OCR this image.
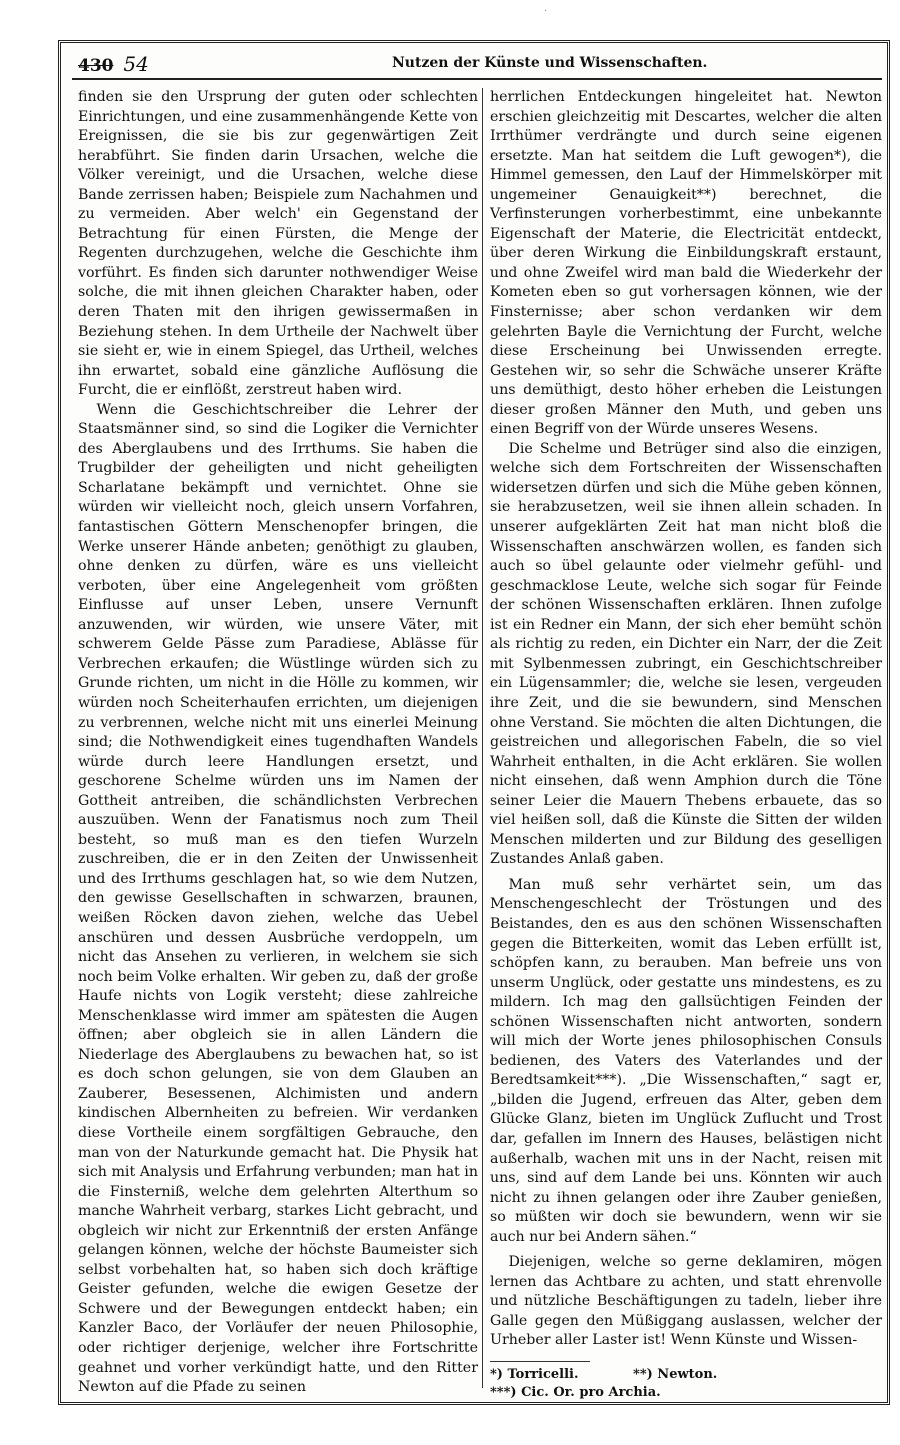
·
430 54	Nutzen der Künste und Wissenschaften.

finden sie den Ursprung der guten oder schlechten Einrichtungen, und eine zusammenhängende Kette von Ereignissen, die sie bis zur gegenwärtigen Zeit herabführt. Sie finden darin Ursachen, welche die Völker vereinigt, und die Ursachen, welche diese Bande zerrissen haben; Beispiele zum Nachahmen und zu vermeiden. Aber welch' ein Gegenstand der Betrachtung für einen Fürsten, die Menge der Regenten durchzugehen, welche die Geschichte ihm vorführt. Es finden sich darunter nothwendiger Weise solche, die mit ihnen gleichen Charakter haben, oder deren Thaten mit den ihrigen gewissermaßen in Beziehung stehen. In dem Urtheile der Nachwelt über sie sieht er, wie in einem Spiegel, das Urtheil, welches ihn erwartet, sobald eine gänzliche Auflösung die Furcht, die er einflößt, zerstreut haben wird.

Wenn die Geschichtschreiber die Lehrer der Staatsmänner sind, so sind die Logiker die Vernichter des Aberglaubens und des Irrthums. Sie haben die Trugbilder der geheiligten und nicht geheiligten Scharlatane bekämpft und vernichtet. Ohne sie würden wir vielleicht noch, gleich unsern Vorfahren, fantastischen Göttern Menschenopfer bringen, die Werke unserer Hände anbeten; genöthigt zu glauben, ohne denken zu dürfen, wäre es uns vielleicht verboten, über eine Angelegenheit vom größten Einflusse auf unser Leben, unsere Vernunft anzuwenden, wir würden, wie unsere Väter, mit schwerem Gelde Pässe zum Paradiese, Ablässe für Verbrechen erkaufen; die Wüstlinge würden sich zu Grunde richten, um nicht in die Hölle zu kommen, wir würden noch Scheiterhaufen errichten, um diejenigen zu verbrennen, welche nicht mit uns einerlei Meinung sind; die Nothwendigkeit eines tugendhaften Wandels würde durch leere Handlungen ersetzt, und geschorene Schelme würden uns im Namen der Gottheit antreiben, die schändlichsten Verbrechen auszuüben. Wenn der Fanatismus noch zum Theil besteht, so muß man es den tiefen Wurzeln zuschreiben, die er in den Zeiten der Unwissenheit und des Irrthums geschlagen hat, so wie dem Nutzen, den gewisse Gesellschaften in schwarzen, braunen, weißen Röcken davon ziehen, welche das Uebel anschüren und dessen Ausbrüche verdoppeln, um nicht das Ansehen zu verlieren, in welchem sie sich noch beim Volke erhalten. Wir geben zu, daß der große Haufe nichts von Logik versteht; diese zahlreiche Menschenklasse wird immer am spätesten die Augen öffnen; aber obgleich sie in allen Ländern die Niederlage des Aberglaubens zu bewachen hat, so ist es doch schon gelungen, sie von dem Glauben an Zauberer, Besessenen, Alchimisten und andern kindischen Albernheiten zu befreien. Wir verdanken diese Vortheile einem sorgfältigen Gebrauche, den man von der Naturkunde gemacht hat. Die Physik hat sich mit Analysis und Erfahrung verbunden; man hat in die Finsterniß, welche dem gelehrten Alterthum so manche Wahrheit verbarg, starkes Licht gebracht, und obgleich wir nicht zur Erkenntniß der ersten Anfänge gelangen können, welche der höchste Baumeister sich selbst vorbehalten hat, so haben sich doch kräftige Geister gefunden, welche die ewigen Gesetze der Schwere und der Bewegungen entdeckt haben; ein Kanzler Baco, der Vorläufer der neuen Philosophie, oder richtiger derjenige, welcher ihre Fortschritte geahnet und vorher verkündigt hatte, und den Ritter Newton auf die Pfade zu seinen

herrlichen Entdeckungen hingeleitet hat. Newton erschien gleichzeitig mit Descartes, welcher die alten Irrthümer verdrängte und durch seine eigenen ersetzte. Man hat seitdem die Luft gewogen*), die Himmel gemessen, den Lauf der Himmelskörper mit ungemeiner Genauigkeit**) berechnet, die Verfinsterungen vorherbestimmt, eine unbekannte Eigenschaft der Materie, die Electricität entdeckt, über deren Wirkung die Einbildungskraft erstaunt, und ohne Zweifel wird man bald die Wiederkehr der Kometen eben so gut vorhersagen können, wie der Finsternisse; aber schon verdanken wir dem gelehrten Bayle die Vernichtung der Furcht, welche diese Erscheinung bei Unwissenden erregte. Gestehen wir, so sehr die Schwäche unserer Kräfte uns demüthigt, desto höher erheben die Leistungen dieser großen Männer den Muth, und geben uns einen Begriff von der Würde unseres Wesens.

Die Schelme und Betrüger sind also die einzigen, welche sich dem Fortschreiten der Wissenschaften widersetzen dürfen und sich die Mühe geben können, sie herabzusetzen, weil sie ihnen allein schaden. In unserer aufgeklärten Zeit hat man nicht bloß die Wissenschaften anschwärzen wollen, es fanden sich auch so übel gelaunte oder vielmehr gefühl- und geschmacklose Leute, welche sich sogar für Feinde der schönen Wissenschaften erklären. Ihnen zufolge ist ein Redner ein Mann, der sich eher bemüht schön als richtig zu reden, ein Dichter ein Narr, der die Zeit mit Sylbenmessen zubringt, ein Geschichtschreiber ein Lügensammler; die, welche sie lesen, vergeuden ihre Zeit, und die sie bewundern, sind Menschen ohne Verstand. Sie möchten die alten Dichtungen, die geistreichen und allegorischen Fabeln, die so viel Wahrheit enthalten, in die Acht erklären. Sie wollen nicht einsehen, daß wenn Amphion durch die Töne seiner Leier die Mauern Thebens erbauete, das so viel heißen soll, daß die Künste die Sitten der wilden Menschen milderten und zur Bildung des geselligen Zustandes Anlaß gaben.

Man muß sehr verhärtet sein, um das Menschengeschlecht der Tröstungen und des Beistandes, den es aus den schönen Wissenschaften gegen die Bitterkeiten, womit das Leben erfüllt ist, schöpfen kann, zu berauben. Man befreie uns von unserm Unglück, oder gestatte uns mindestens, es zu mildern. Ich mag den gallsüchtigen Feinden der schönen Wissenschaften nicht antworten, sondern will mich der Worte jenes philosophischen Consuls bedienen, des Vaters des Vaterlandes und der Beredtsamkeit***). „Die Wissenschaften,“ sagt er, „bilden die Jugend, erfreuen das Alter, geben dem Glücke Glanz, bieten im Unglück Zuflucht und Trost dar, gefallen im Innern des Hauses, belästigen nicht außerhalb, wachen mit uns in der Nacht, reisen mit uns, sind auf dem Lande bei uns. Könnten wir auch nicht zu ihnen gelangen oder ihre Zauber genießen, so müßten wir doch sie bewundern, wenn wir sie auch nur bei Andern sähen.“

Diejenigen, welche so gerne deklamiren, mögen lernen das Achtbare zu achten, und statt ehrenvolle und nützliche Beschäftigungen zu tadeln, lieber ihre Galle gegen den Müßiggang auslassen, welcher der Urheber aller Laster ist! Wenn Künste und Wissen-

*) Torricelli.	**) Newton.
***) Cic. Or. pro Archia.
